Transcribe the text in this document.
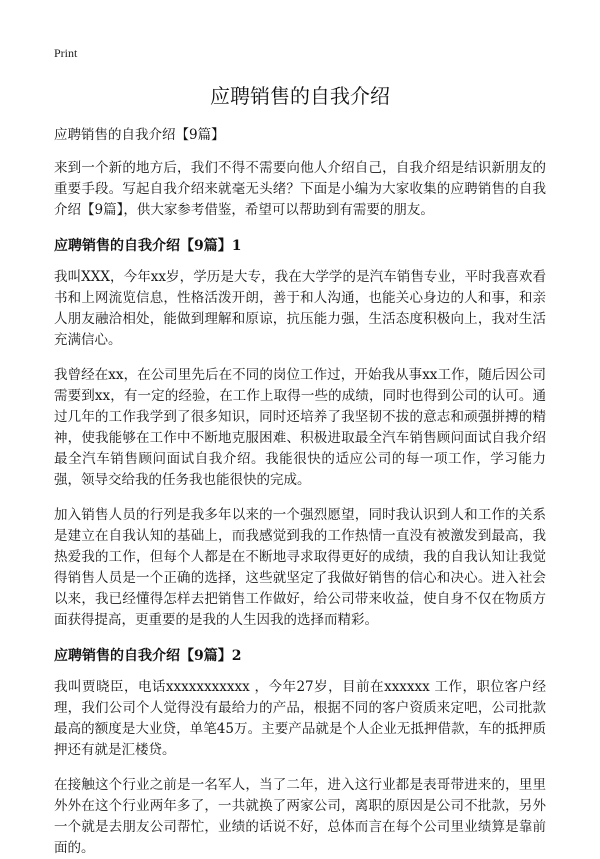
Print
应聘销售的自我介绍

应聘销售的自我介绍【9篇】

来到一个新的地方后，我们不得不需要向他人介绍自己，自我介绍是结识新朋友的重要手段。写起自我介绍来就毫无头绪？下面是小编为大家收集的应聘销售的自我介绍【9篇】，供大家参考借鉴，希望可以帮助到有需要的朋友。

应聘销售的自我介绍【9篇】1

我叫XXX，今年xx岁，学历是大专，我在大学学的是汽车销售专业，平时我喜欢看书和上网流览信息，性格活泼开朗，善于和人沟通，也能关心身边的人和事，和亲人朋友融洽相处，能做到理解和原谅，抗压能力强，生活态度积极向上，我对生活充满信心。

我曾经在xx，在公司里先后在不同的岗位工作过，开始我从事xx工作，随后因公司需要到xx，有一定的经验，在工作上取得一些的成绩，同时也得到公司的认可。通过几年的工作我学到了很多知识，同时还培养了我坚韧不拔的意志和顽强拼搏的精神，使我能够在工作中不断地克服困难、积极进取最全汽车销售顾问面试自我介绍最全汽车销售顾问面试自我介绍。我能很快的适应公司的每一项工作，学习能力强，领导交给我的任务我也能很快的完成。

加入销售人员的行列是我多年以来的一个强烈愿望，同时我认识到人和工作的关系是建立在自我认知的基础上，而我感觉到我的工作热情一直没有被激发到最高，我热爱我的工作，但每个人都是在不断地寻求取得更好的成绩，我的自我认知让我觉得销售人员是一个正确的选择，这些就坚定了我做好销售的信心和决心。进入社会以来，我已经懂得怎样去把销售工作做好，给公司带来收益，使自身不仅在物质方面获得提高，更重要的是我的人生因我的选择而精彩。

应聘销售的自我介绍【9篇】2

我叫贾晓臣，电话xxxxxxxxxxx ，今年27岁，目前在xxxxxx 工作，职位客户经理，我们公司个人觉得没有最给力的产品，根据不同的客户资质来定吧，公司批款最高的额度是大业贷，单笔45万。主要产品就是个人企业无抵押借款，车的抵押质押还有就是汇楼贷。

在接触这个行业之前是一名军人，当了二年，进入这行业都是表哥带进来的，里里外外在这个行业两年多了，一共就换了两家公司，离职的原因是公司不批款，另外一个就是去朋友公司帮忙，业绩的话说不好，总体而言在每个公司里业绩算是靠前面的。
